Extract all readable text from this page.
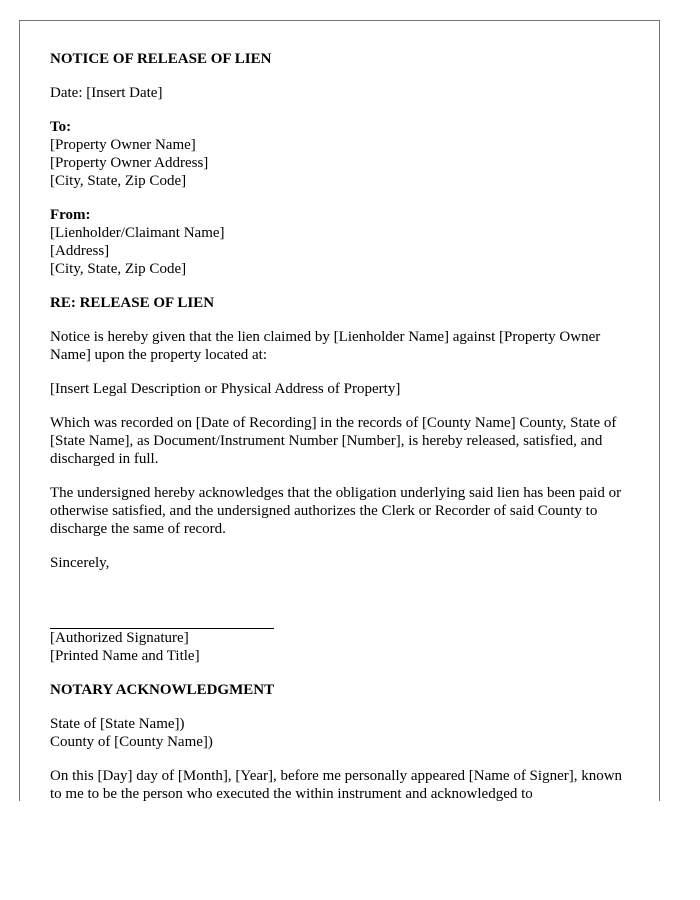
NOTICE OF RELEASE OF LIEN

Date: [Insert Date]

To:
[Property Owner Name]
[Property Owner Address]
[City, State, Zip Code]

From:
[Lienholder/Claimant Name]
[Address]
[City, State, Zip Code]

RE: RELEASE OF LIEN

Notice is hereby given that the lien claimed by [Lienholder Name] against [Property Owner Name] upon the property located at:

[Insert Legal Description or Physical Address of Property]

Which was recorded on [Date of Recording] in the records of [County Name] County, State of [State Name], as Document/Instrument Number [Number], is hereby released, satisfied, and discharged in full.

The undersigned hereby acknowledges that the obligation underlying said lien has been paid or otherwise satisfied, and the undersigned authorizes the Clerk or Recorder of said County to discharge the same of record.

Sincerely,

[Authorized Signature]
[Printed Name and Title]

NOTARY ACKNOWLEDGMENT

State of [State Name])
County of [County Name])

On this [Day] day of [Month], [Year], before me personally appeared [Name of Signer], known to me to be the person who executed the within instrument and acknowledged to
